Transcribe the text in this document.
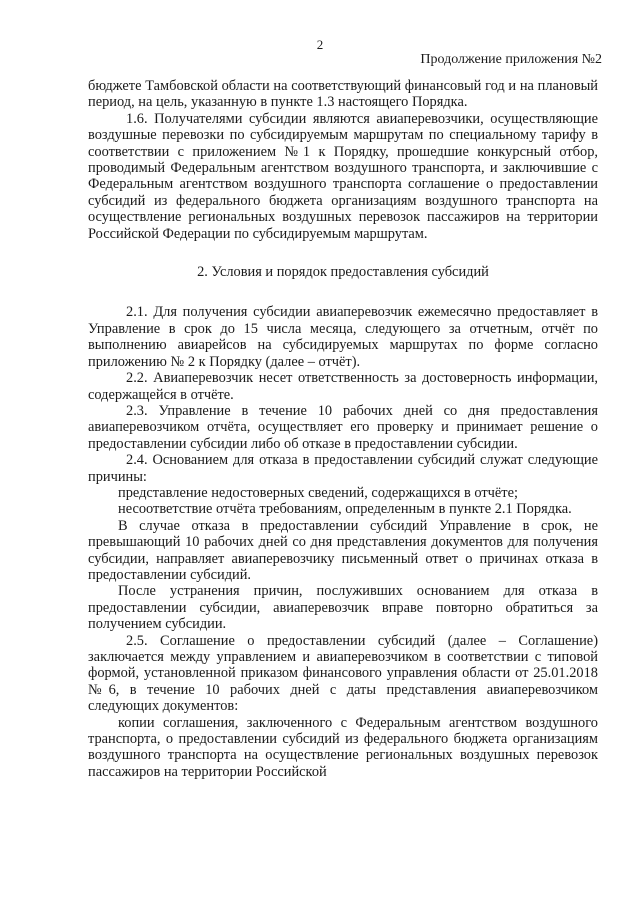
2
Продолжение приложения №2

бюджете Тамбовской области на соответствующий финансовый год и на плановый период, на цель, указанную в пункте 1.3 настоящего Порядка.

1.6. Получателями субсидии являются авиаперевозчики, осуществляющие воздушные перевозки по субсидируемым маршрутам по специальному тарифу в соответствии с приложением №1 к Порядку, прошедшие конкурсный отбор, проводимый Федеральным агентством воздушного транспорта, и заключившие с Федеральным агентством воздушного транспорта соглашение о предоставлении субсидий из федерального бюджета организациям воздушного транспорта на осуществление региональных воздушных перевозок пассажиров на территории Российской Федерации по субсидируемым маршрутам.

2. Условия и порядок предоставления субсидий

2.1. Для получения субсидии авиаперевозчик ежемесячно предоставляет в Управление в срок до 15 числа месяца, следующего за отчетным, отчёт по выполнению авиарейсов на субсидируемых маршрутах по форме согласно приложению № 2 к Порядку (далее – отчёт).

2.2. Авиаперевозчик несет ответственность за достоверность информации, содержащейся в отчёте.

2.3. Управление в течение 10 рабочих дней со дня предоставления авиаперевозчиком отчёта, осуществляет его проверку и принимает решение о предоставлении субсидии либо об отказе в предоставлении субсидии.

2.4. Основанием для отказа в предоставлении субсидий служат следующие причины:

представление недостоверных сведений, содержащихся в отчёте;

несоответствие отчёта требованиям, определенным в пункте 2.1 Порядка.

В случае отказа в предоставлении субсидий Управление в срок, не превышающий 10 рабочих дней со дня представления документов для получения субсидии, направляет авиаперевозчику письменный ответ о причинах отказа в предоставлении субсидий.

После устранения причин, послуживших основанием для отказа в предоставлении субсидии, авиаперевозчик вправе повторно обратиться за получением субсидии.

2.5. Соглашение о предоставлении субсидий (далее – Соглашение) заключается между управлением и авиаперевозчиком в соответствии с типовой формой, установленной приказом финансового управления области от 25.01.2018 №6, в течение 10 рабочих дней с даты представления авиаперевозчиком следующих документов:

копии соглашения, заключенного с Федеральным агентством воздушного транспорта, о предоставлении субсидий из федерального бюджета организациям воздушного транспорта на осуществление региональных воздушных перевозок пассажиров на территории Российской
